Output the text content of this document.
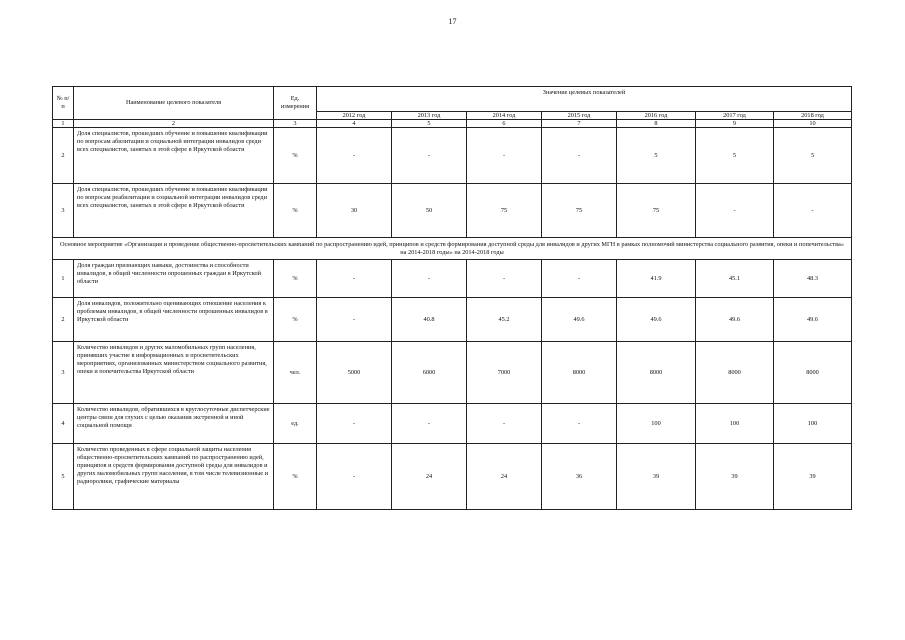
17
№ п/п	Наименование целевого показателя	Ед. измерения	Значение целевых показателей						
			2012 год	2013 год	2014 год	2015 год	2016 год	2017 год	2018 год
1	2	3	4	5	6	7	8	9	10
2	Доля специалистов, прошедших обучение и повышение квалификации по вопросам абилитации и социальной интеграции инвалидов среди всех специалистов, занятых в этой сфере в Иркутской области	%	-	-	-	-	5	5	5
3	Доля специалистов, прошедших обучение и повышение квалификации по вопросам реабилитации и социальной интеграции инвалидов среди всех специалистов, занятых в этой сфере в Иркутской области	%	30	50	75	75	75	-	-
Основное мероприятие «Организация и проведение общественно-просветительских кампаний по распространению идей, принципов и средств формирования доступной среды для инвалидов и других МГН в рамках полномочий министерства социального развития, опеки и попечительства» на 2014-2018 годы» на 2014-2018 годы									
1	Доля граждан признающих навыки, достоинства и способности инвалидов, в общей численности опрошенных граждан в Иркутской области	%	-	-	-	-	41.9	45.1	48.3
2	Доля инвалидов, положительно оценивающих отношение населения к проблемам инвалидов, в общей численности опрошенных инвалидов в Иркутской области	%	-	40.8	45.2	49.6	49.6	49.6	49.6
3	Количество инвалидов и других маломобильных групп населения, принявших участие в информационных и просветительских мероприятиях, организованных министерством социального развития, опеки и попечительства Иркутской области	чел.	5000	6000	7000	8000	8000	8000	8000
4	Количество инвалидов, обратившихся в круглосуточные диспетчерские центры связи для глухих с целью оказания экстренной и иной социальной помощи	ед.	-	-	-	-	100	100	100
5	Количество проведенных в сфере социальной защиты населения общественно-просветительских кампаний по распространению идей, принципов и средств формирования доступной среды для инвалидов и других маломобильных групп населения, в том числе телевизионные и радиоролики, графические материалы	%	-	24	24	36	39	39	39
